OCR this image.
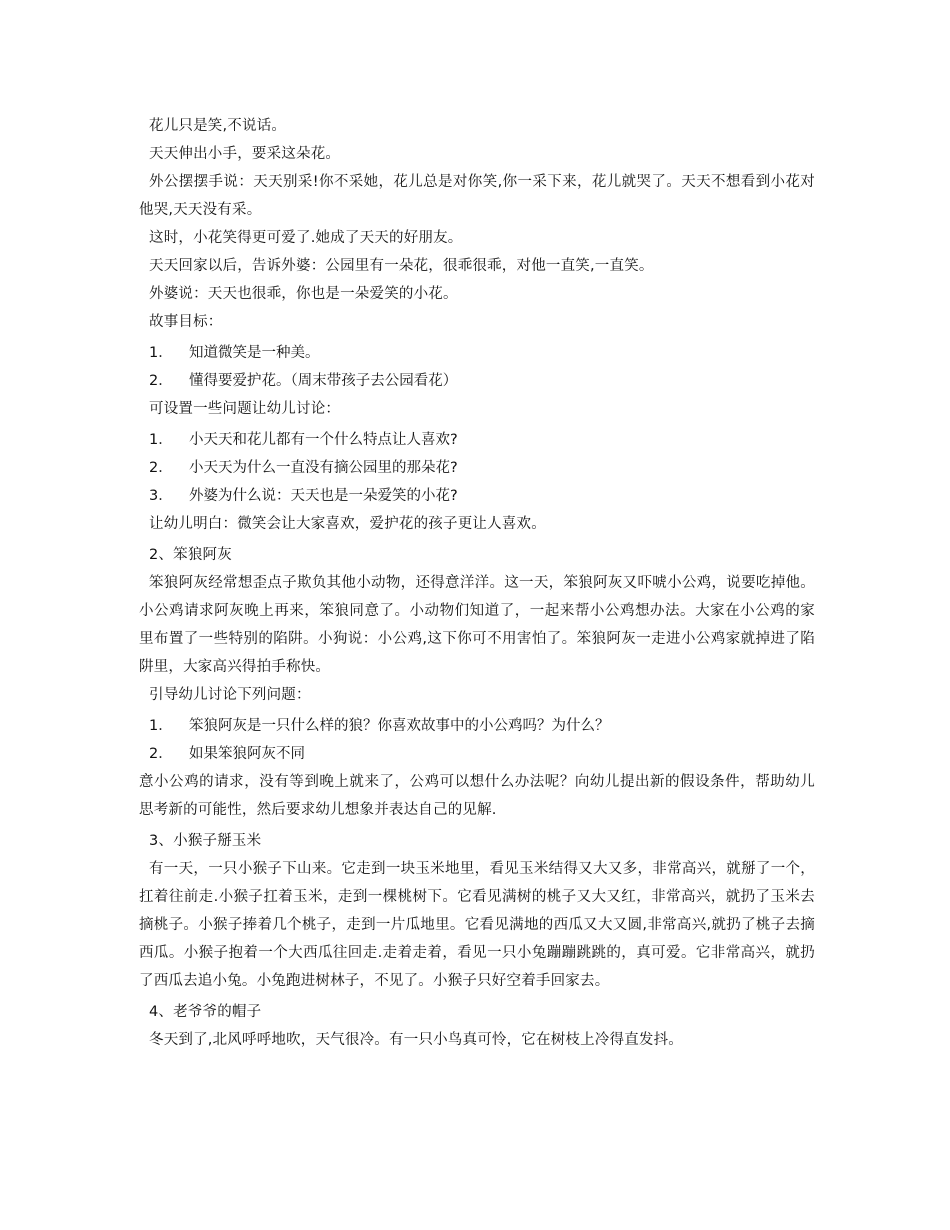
花儿只是笑,不说话。

天天伸出小手，要采这朵花。

外公摆摆手说：天天别采!你不采她，花儿总是对你笑,你一采下来，花儿就哭了。天天不想看到小花对他哭,天天没有采。

这时，小花笑得更可爱了.她成了天天的好朋友。

天天回家以后，告诉外婆：公园里有一朵花，很乖很乖，对他一直笑,一直笑。

外婆说：天天也很乖，你也是一朵爱笑的小花。

故事目标：

1．	知道微笑是一种美。
2．	懂得要爱护花。（周末带孩子去公园看花）

可设置一些问题让幼儿讨论：

1．	小天天和花儿都有一个什么特点让人喜欢?
2．	小天天为什么一直没有摘公园里的那朵花?
3．	外婆为什么说：天天也是一朵爱笑的小花?

让幼儿明白：微笑会让大家喜欢，爱护花的孩子更让人喜欢。

2、笨狼阿灰

笨狼阿灰经常想歪点子欺负其他小动物，还得意洋洋。这一天，笨狼阿灰又吓唬小公鸡，说要吃掉他。小公鸡请求阿灰晚上再来，笨狼同意了。小动物们知道了，一起来帮小公鸡想办法。大家在小公鸡的家里布置了一些特别的陷阱。小狗说：小公鸡,这下你可不用害怕了。笨狼阿灰一走进小公鸡家就掉进了陷阱里，大家高兴得拍手称快。

引导幼儿讨论下列问题：

1．	笨狼阿灰是一只什么样的狼？你喜欢故事中的小公鸡吗？为什么？
2．	如果笨狼阿灰不同

意小公鸡的请求，没有等到晚上就来了，公鸡可以想什么办法呢？向幼儿提出新的假设条件，帮助幼儿思考新的可能性，然后要求幼儿想象并表达自己的见解.

3、小猴子掰玉米

有一天，一只小猴子下山来。它走到一块玉米地里，看见玉米结得又大又多，非常高兴，就掰了一个，扛着往前走.小猴子扛着玉米，走到一棵桃树下。它看见满树的桃子又大又红，非常高兴，就扔了玉米去摘桃子。小猴子捧着几个桃子，走到一片瓜地里。它看见满地的西瓜又大又圆,非常高兴,就扔了桃子去摘西瓜。小猴子抱着一个大西瓜往回走.走着走着，看见一只小兔蹦蹦跳跳的，真可爱。它非常高兴，就扔了西瓜去追小兔。小兔跑进树林子，不见了。小猴子只好空着手回家去。

4、老爷爷的帽子

冬天到了,北风呼呼地吹，天气很冷。有一只小鸟真可怜，它在树枝上冷得直发抖。
